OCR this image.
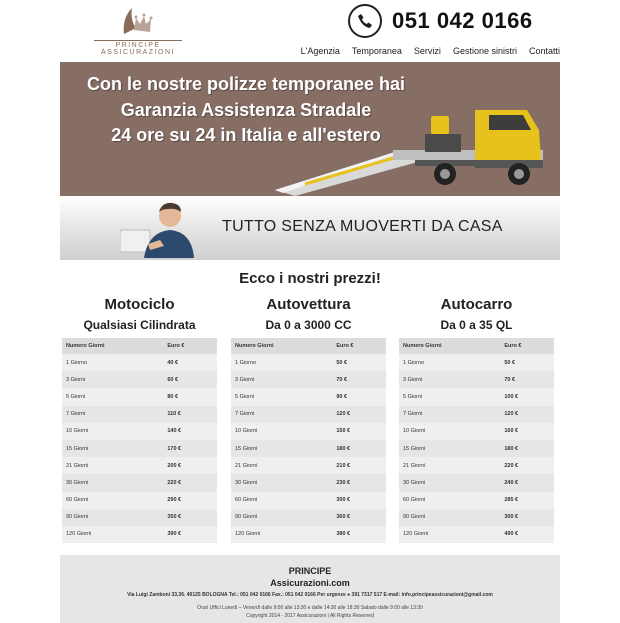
PRINCIPE ASSICURAZIONI
051 042 0166
L'Agenzia	Temporanea	Servizi	Gestione sinistri	Contatti
Con le nostre polizze temporanee hai
Garanzia Assistenza Stradale
24 ore su 24 in Italia e all'estero
TUTTO SENZA MUOVERTI DA CASA
Ecco i nostri prezzi!
Motociclo
Qualsiasi Cilindrata
Numero Giorni	Euro €
1 Giorno	40 €
3 Giorni	60 €
5 Giorni	80 €
7 Giorni	110 €
10 Giorni	140 €
15 Giorni	170 €
21 Giorni	200 €
30 Giorni	220 €
60 Giorni	290 €
90 Giorni	350 €
120 Giorni	390 €
Autovettura
Da 0 a 3000 CC
Numero Giorni	Euro €
1 Giorno	50 €
3 Giorni	70 €
5 Giorni	90 €
7 Giorni	120 €
10 Giorni	150 €
15 Giorni	180 €
21 Giorni	210 €
30 Giorni	230 €
60 Giorni	300 €
90 Giorni	360 €
120 Giorni	380 €
Autocarro
Da 0 a 35 QL
Numero Giorni	Euro €
1 Giorno	50 €
3 Giorni	70 €
5 Giorni	100 €
7 Giorni	120 €
10 Giorni	160 €
15 Giorni	180 €
21 Giorni	220 €
30 Giorni	240 €
60 Giorni	285 €
90 Giorni	300 €
120 Giorni	490 €
PRINCIPE
Assicurazioni.com
Via Luigi Zamboni 33,36. 40125 BOLOGNA Tel.: 051 042 0166 Fax.: 051 042 0166 Per urgenze ● 391 7317 517 E-mail: info.principeassicurazioni@gmail.com
Orari Uffici Lunedì – Venerdì dalle 9:00 alle 13:30 e dalle 14:30 alle 18:30 Sabato dalle 9:00 alle 13:30
Copyright 2014 - 2017 Assicurazioni | All Rights Reserved
